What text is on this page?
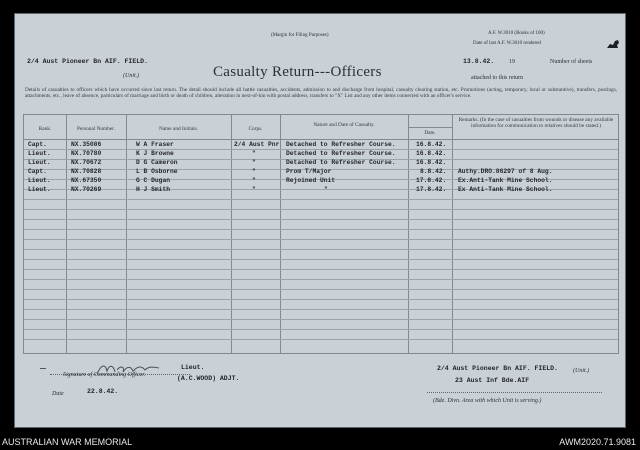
(Margin for Filing Purposes)	A.F. W.3010 (Books of 100)
Date of last A.F. W.3010 rendered
2/4 Aust Pioneer Bn AIF. FIELD.
(Unit.)	Casualty Return---Officers
13.8.42. 19	Number of sheets
attached to this return
Details of casualties to officers which have occurred since last return. The detail should include all battle casualties, accidents, admission to and discharge from hospital, casualty clearing station, etc. Promotions (acting, temporary, local or substantive), transfers, postings, attachments, etc., leave of absence, particulars of marriage and birth or death of children, alteration in next-of-kin with postal address, transfers to "X" List and any other items connected with an officer's service.
Rank.	Personal Number.	Name and Initials.	Corps.
Nature and Date of Casualty.
Date.
Remarks. (In the case of casualties from wounds or disease any available information for communication to relatives should be stated.)
Capt.	NX.35086	W A Fraser	2/4 Aust Pnr Detached to Refresher Course.	16.8.42.
Lieut.	NX.70780	K J Browne	"	Detached to Refresher Course.	16.8.42.
Lieut.	NX.70672	D G Cameron	"	Detached to Refresher Course.	16.8.42.
Capt.	NX.70828	L B Osborne	"	Prom T/Major	8.8.42. Authy.DRO.86297 of 8 Aug.
Lieut.	NX.67350	G C Dugan	"	Rejoined Unit	17.8.42. Ex.Anti-Tank Mine School.
Lieut.	NX.70269	H J Smith	"	"	17.8.42. Ex Anti-Tank Mine School.
Lieut.
Signature of Commanding Officer.	(A.C.WOOD) ADJT.
Date	22.8.42.
2/4 Aust Pioneer Bn AIF. FIELD.	(Unit.)
23 Aust Inf Bde.AIF
(Bde. Divn. Area with which Unit is serving.)
AUSTRALIAN WAR MEMORIAL	AWM2020.71.9081
